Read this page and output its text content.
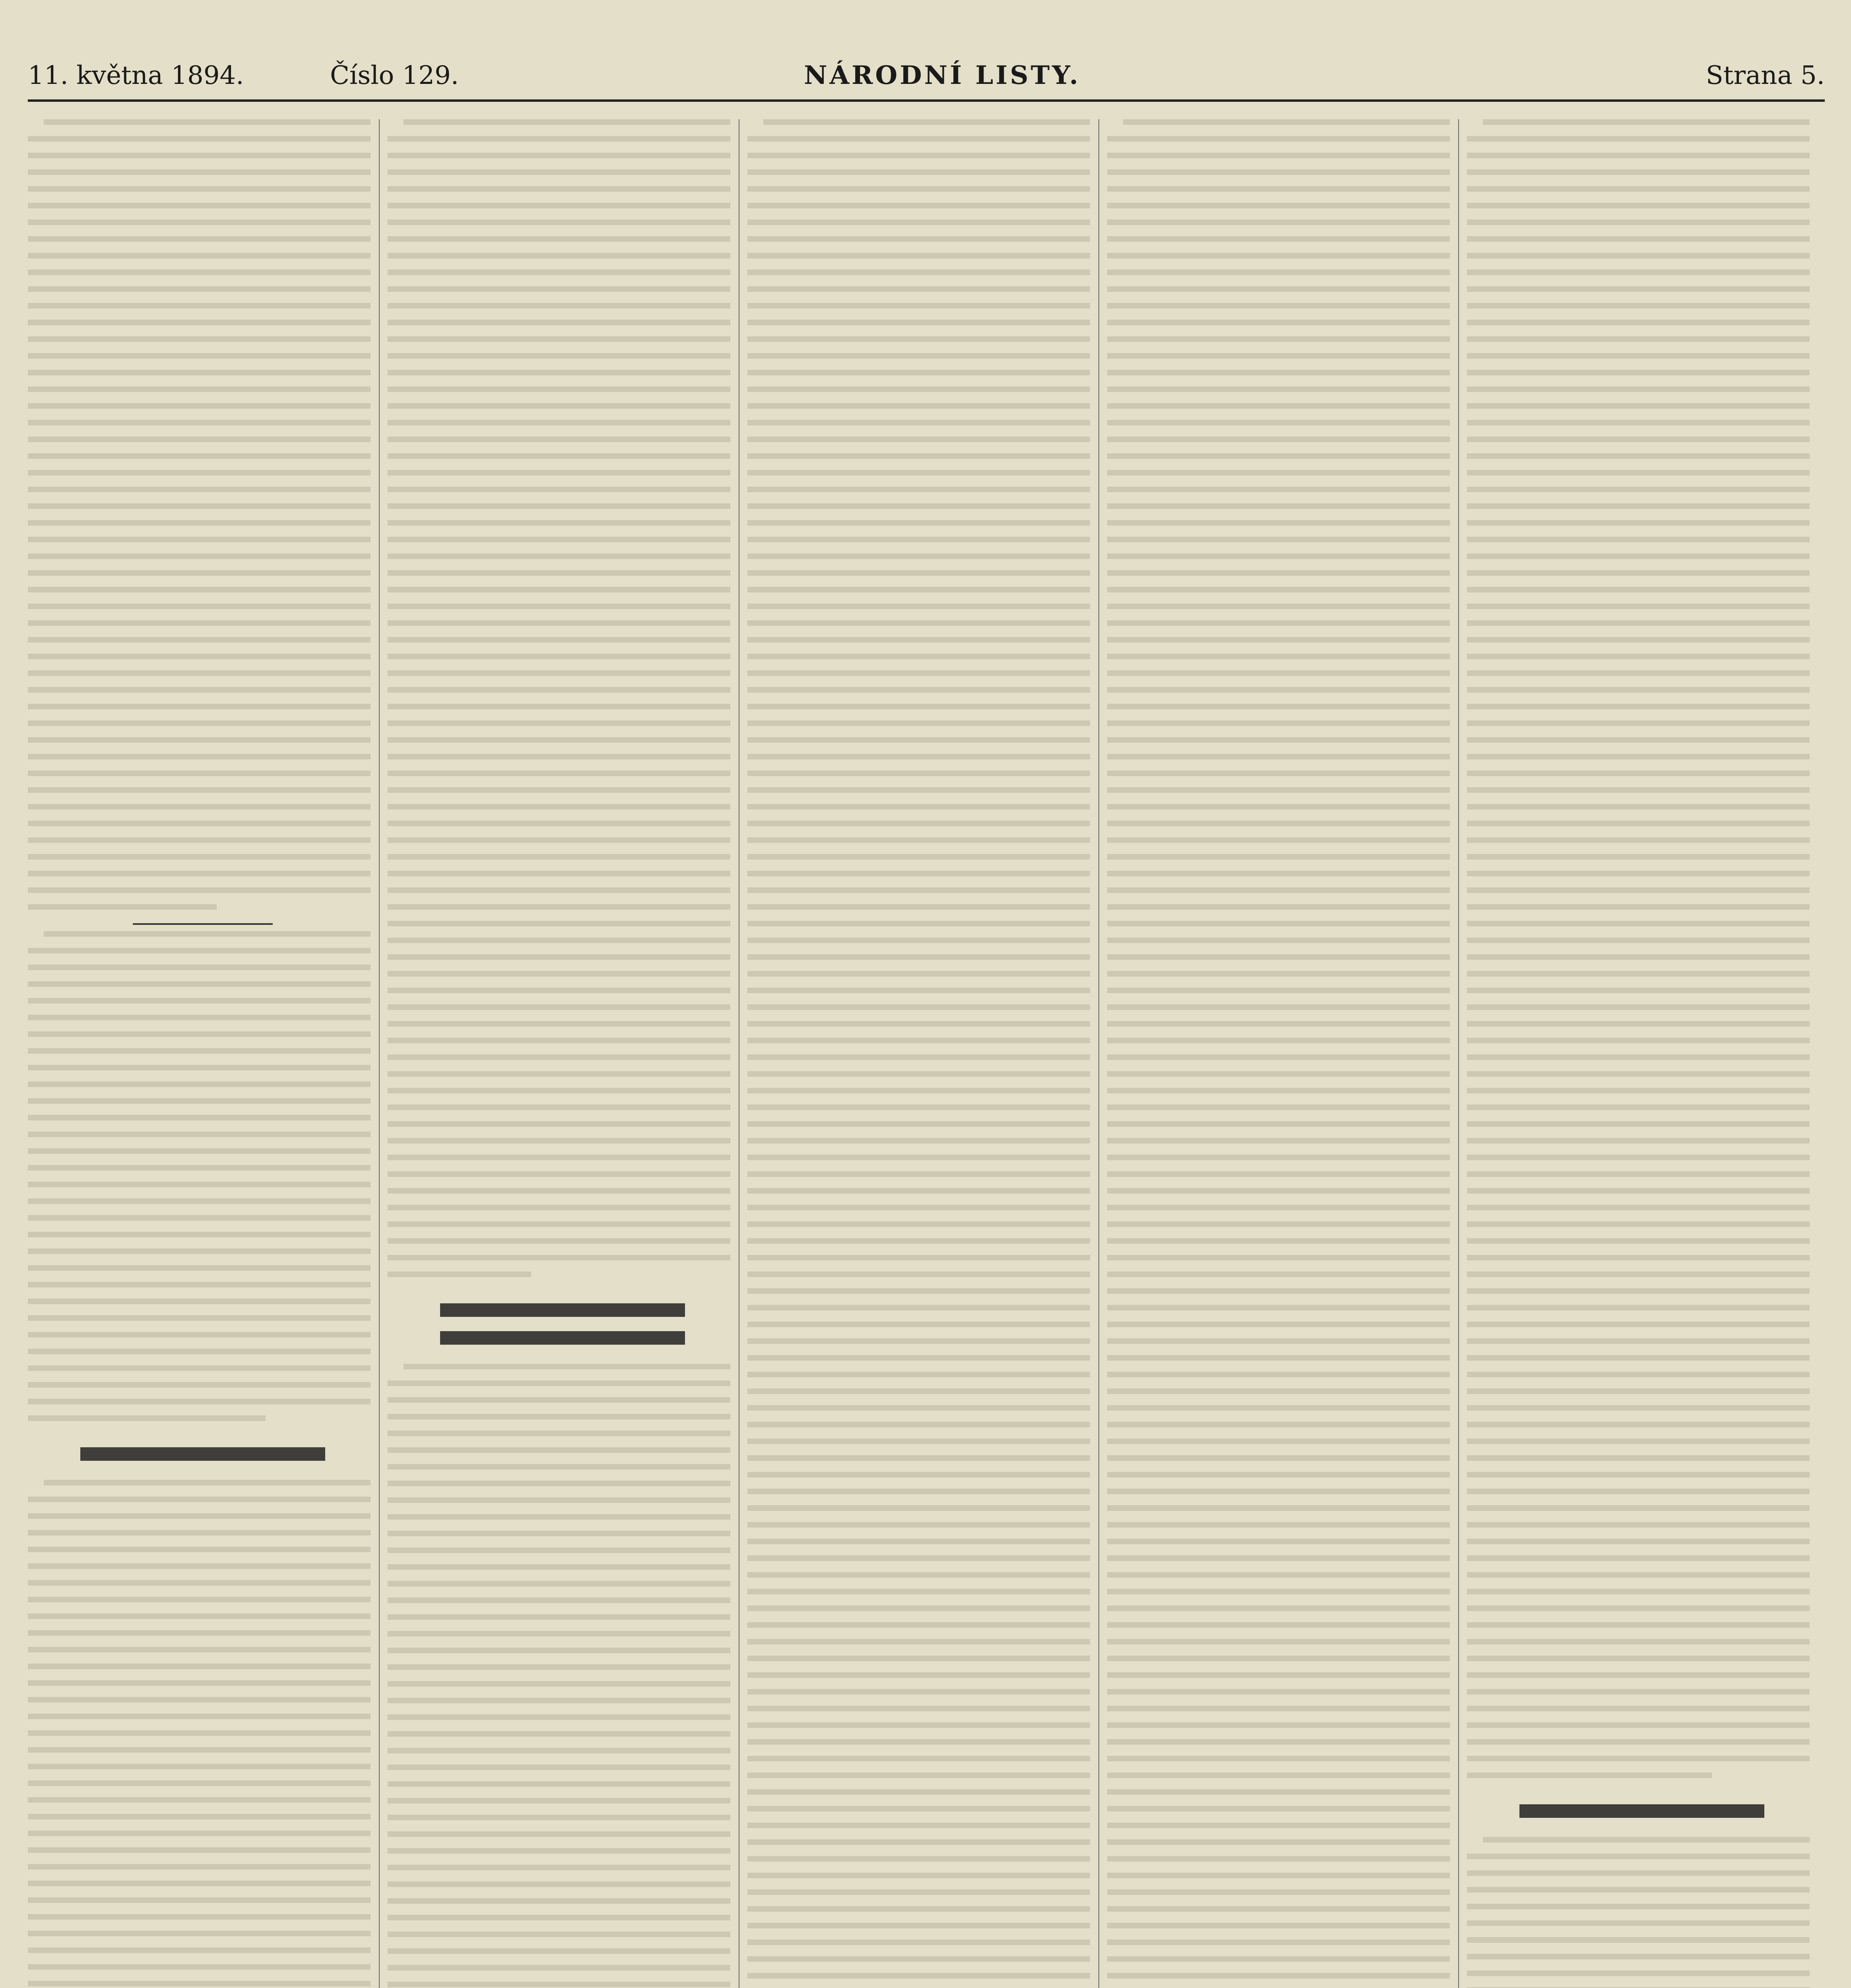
11. května 1894.	Číslo 129.	NÁRODNÍ LISTY.	Strana 5.
